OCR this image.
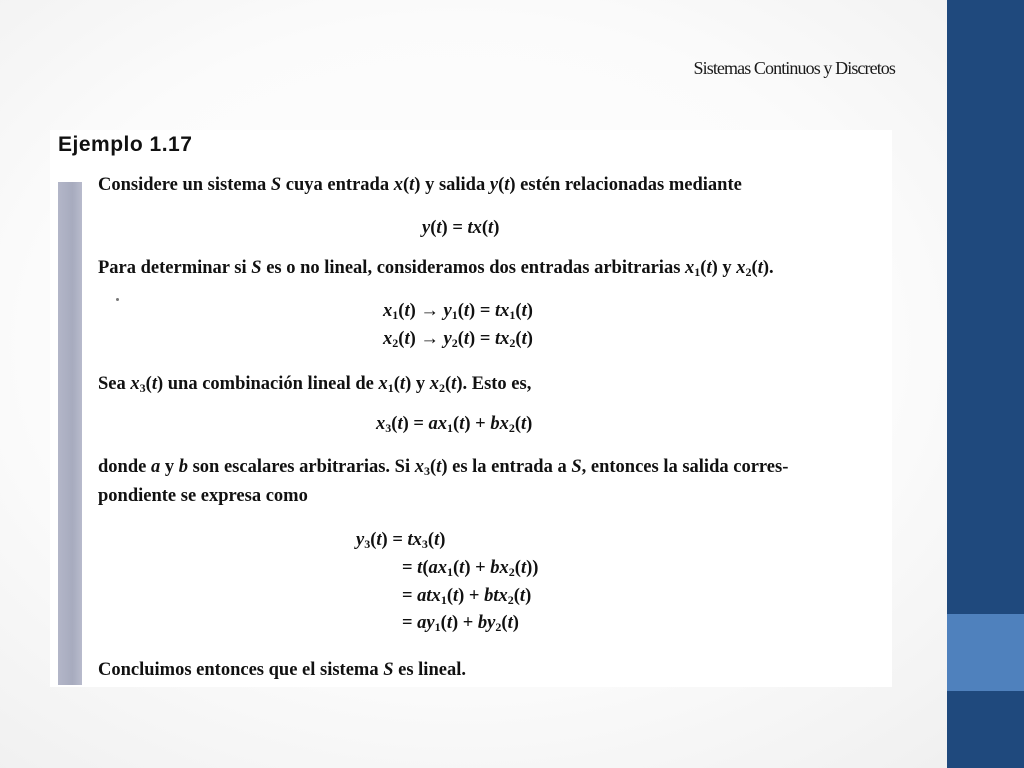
Sistemas Continuos y Discretos
Ejemplo 1.17
Considere un sistema S cuya entrada x(t) y salida y(t) estén relacionadas mediante
y(t) = tx(t)
Para determinar si S es o no lineal, consideramos dos entradas arbitrarias $x_1(t)$ y $x_2(t)$.
$x_1(t) \to y_1(t) = tx_1(t)$
$x_2(t) \to y_2(t) = tx_2(t)$
Sea $x_3(t)$ una combinación lineal de $x_1(t)$ y $x_2(t)$. Esto es,
$x_3(t) = ax_1(t) + bx_2(t)$
donde a y b son escalares arbitrarias. Si $x_3(t)$ es la entrada a S, entonces la salida corres-
pondiente se expresa como
$y_3(t) = tx_3(t)$
= $t(ax_1(t) + bx_2(t))$
= atx$_1$(t) + btx$_2$(t)
= $ay_1(t) + by_2(t)$
Concluimos entonces que el sistema S es lineal.
